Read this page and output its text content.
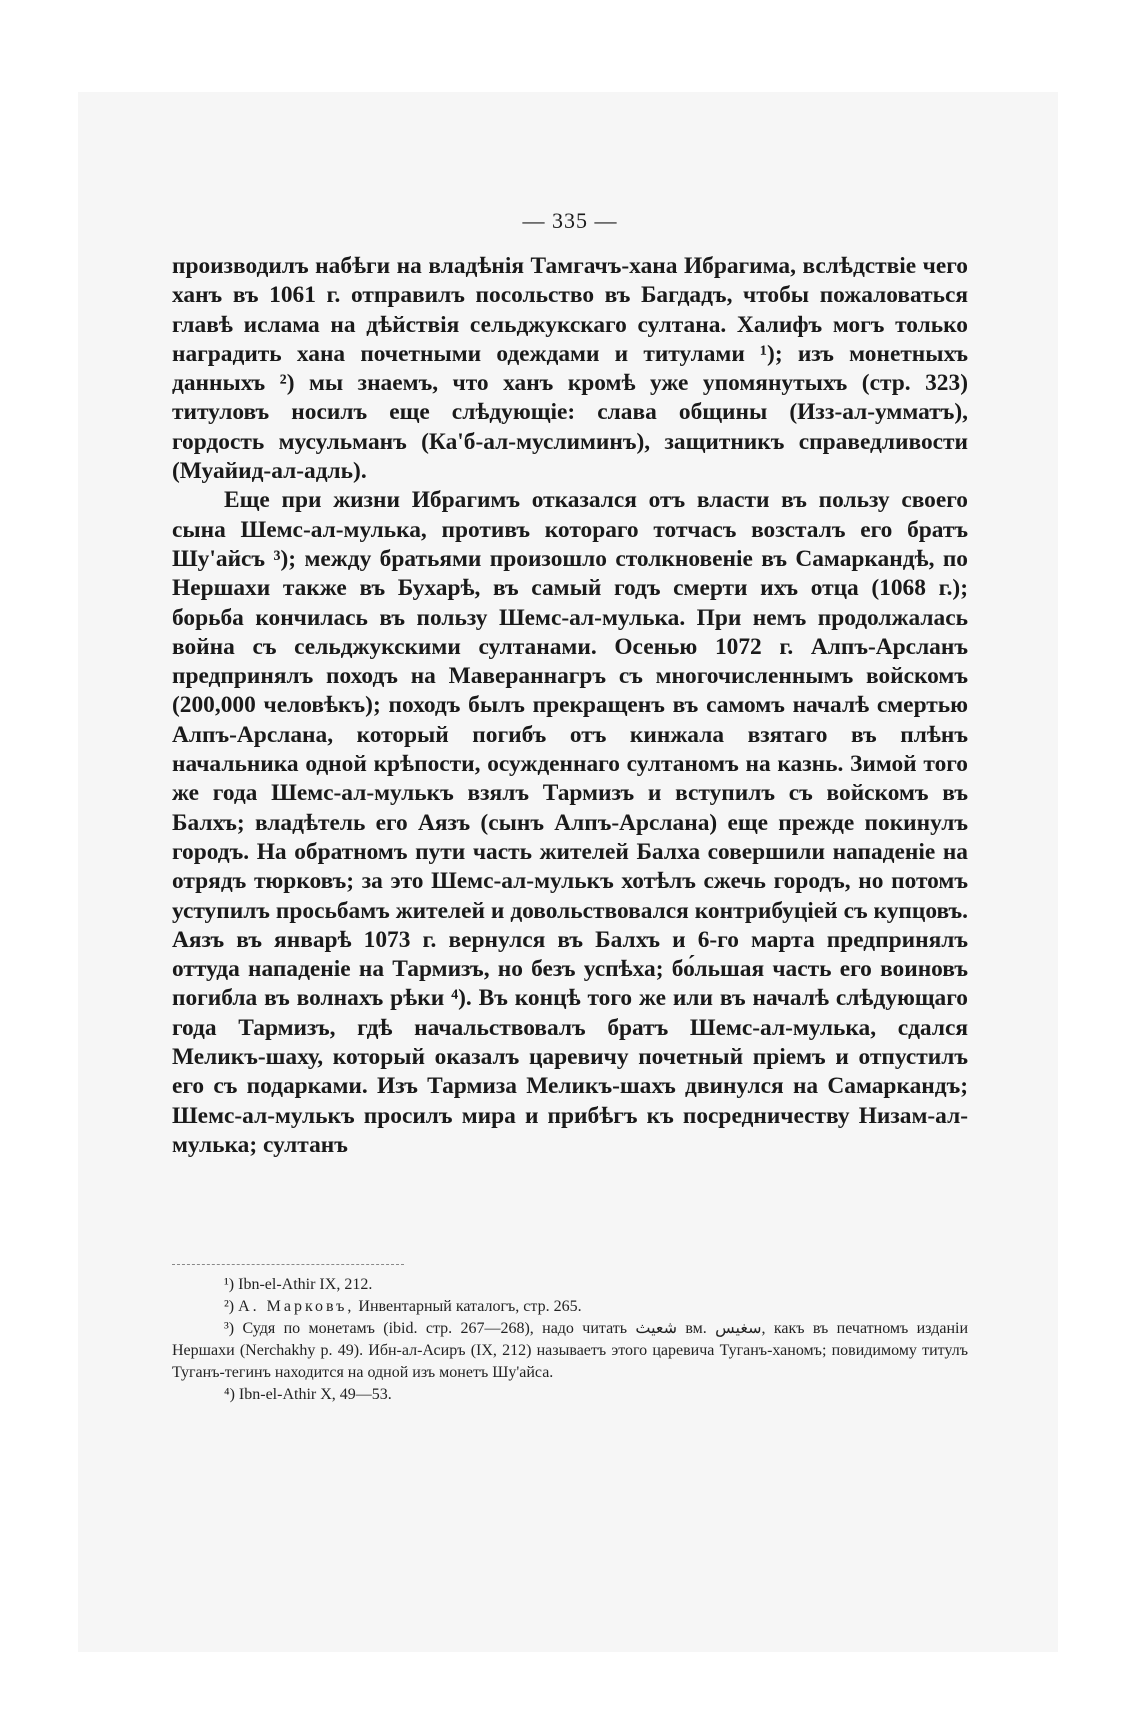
— 335 —

производилъ набѣги на владѣнія Тамгачъ-хана Ибрагима, вслѣдствіе чего ханъ въ 1061 г. отправилъ посольство въ Багдадъ, чтобы пожаловаться главѣ ислама на дѣйствія сельджукскаго султана. Халифъ могъ только наградить хана почетными одеждами и титулами ¹); изъ монетныхъ данныхъ ²) мы знаемъ, что ханъ кромѣ уже упомянутыхъ (стр. 323) титуловъ носилъ еще слѣдующіе: слава общины (Изз-ал-умматъ), гордость мусульманъ (Ка'б-ал-муслиминъ), защитникъ справедливости (Муайид-ал-адль).

Еще при жизни Ибрагимъ отказался отъ власти въ пользу своего сына Шемс-ал-мулька, противъ котораго тотчасъ возсталъ его братъ Шу'айсъ ³); между братьями произошло столкновеніе въ Самаркандѣ, по Нершахи также въ Бухарѣ, въ самый годъ смерти ихъ отца (1068 г.); борьба кончилась въ пользу Шемс-ал-мулька. При немъ продолжалась война съ сельджукскими султанами. Осенью 1072 г. Алпъ-Арсланъ предпринялъ походъ на Мавераннагръ съ многочисленнымъ войскомъ (200,000 человѣкъ); походъ былъ прекращенъ въ самомъ началѣ смертью Алпъ-Арслана, который погибъ отъ кинжала взятаго въ плѣнъ начальника одной крѣпости, осужденнаго султаномъ на казнь. Зимой того же года Шемс-ал-мулькъ взялъ Тармизъ и вступилъ съ войскомъ въ Балхъ; владѣтель его Аязъ (сынъ Алпъ-Арслана) еще прежде покинулъ городъ. На обратномъ пути часть жителей Балха совершили нападеніе на отрядъ тюрковъ; за это Шемс-ал-мулькъ хотѣлъ сжечь городъ, но потомъ уступилъ просьбамъ жителей и довольствовался контрибуціей съ купцовъ. Аязъ въ январѣ 1073 г. вернулся въ Балхъ и 6-го марта предпринялъ оттуда нападеніе на Тармизъ, но безъ успѣха; бо́льшая часть его воиновъ погибла въ волнахъ рѣки ⁴). Въ концѣ того же или въ началѣ слѣдующаго года Тармизъ, гдѣ начальствовалъ братъ Шемс-ал-мулька, сдался Меликъ-шаху, который оказалъ царевичу почетный пріемъ и отпустилъ его съ подарками. Изъ Тармиза Меликъ-шахъ двинулся на Самаркандъ; Шемс-ал-мулькъ просилъ мира и прибѣгъ къ посредничеству Низам-ал-мулька; султанъ

¹) Ibn-el-Athir IX, 212.

²) А. Марковъ, Инвентарный каталогъ, стр. 265.

³) Судя по монетамъ (ibid. стр. 267—268), надо читать شعيث вм. سغيس, какъ въ печатномъ изданіи Нершахи (Nerchakhy p. 49). Ибн-ал-Асиръ (IX, 212) называетъ этого царевича Туганъ-ханомъ; повидимому титулъ Туганъ-тегинъ находится на одной изъ монетъ Шу'айса.

⁴) Ibn-el-Athir X, 49—53.
